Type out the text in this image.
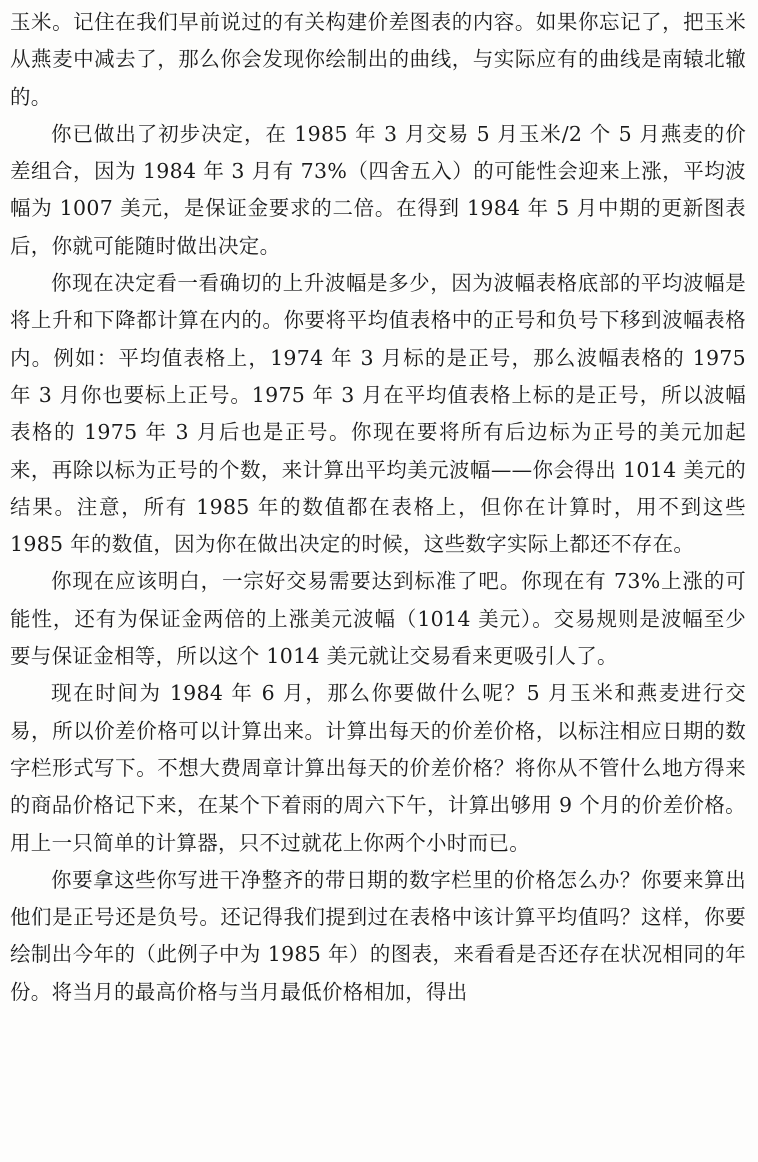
玉米。记住在我们早前说过的有关构建价差图表的内容。如果你忘记了，把玉米从燕麦中减去了，那么你会发现你绘制出的曲线，与实际应有的曲线是南辕北辙的。

你已做出了初步决定，在 1985 年 3 月交易 5 月玉米/2 个 5 月燕麦的价差组合，因为 1984 年 3 月有 73%（四舍五入）的可能性会迎来上涨，平均波幅为 1007 美元，是保证金要求的二倍。在得到 1984 年 5 月中期的更新图表后，你就可能随时做出决定。

你现在决定看一看确切的上升波幅是多少，因为波幅表格底部的平均波幅是将上升和下降都计算在内的。你要将平均值表格中的正号和负号下移到波幅表格内。例如：平均值表格上，1974 年 3 月标的是正号，那么波幅表格的 1975 年 3 月你也要标上正号。1975 年 3 月在平均值表格上标的是正号，所以波幅表格的 1975 年 3 月后也是正号。你现在要将所有后边标为正号的美元加起来，再除以标为正号的个数，来计算出平均美元波幅——你会得出 1014 美元的结果。注意，所有 1985 年的数值都在表格上，但你在计算时，用不到这些 1985 年的数值，因为你在做出决定的时候，这些数字实际上都还不存在。

你现在应该明白，一宗好交易需要达到标准了吧。你现在有 73%上涨的可能性，还有为保证金两倍的上涨美元波幅（1014 美元）。交易规则是波幅至少要与保证金相等，所以这个 1014 美元就让交易看来更吸引人了。

现在时间为 1984 年 6 月，那么你要做什么呢？5 月玉米和燕麦进行交易，所以价差价格可以计算出来。计算出每天的价差价格，以标注相应日期的数字栏形式写下。不想大费周章计算出每天的价差价格？将你从不管什么地方得来的商品价格记下来，在某个下着雨的周六下午，计算出够用 9 个月的价差价格。用上一只简单的计算器，只不过就花上你两个小时而已。

你要拿这些你写进干净整齐的带日期的数字栏里的价格怎么办？你要来算出他们是正号还是负号。还记得我们提到过在表格中该计算平均值吗？这样，你要绘制出今年的（此例子中为 1985 年）的图表，来看看是否还存在状况相同的年份。将当月的最高价格与当月最低价格相加，得出
